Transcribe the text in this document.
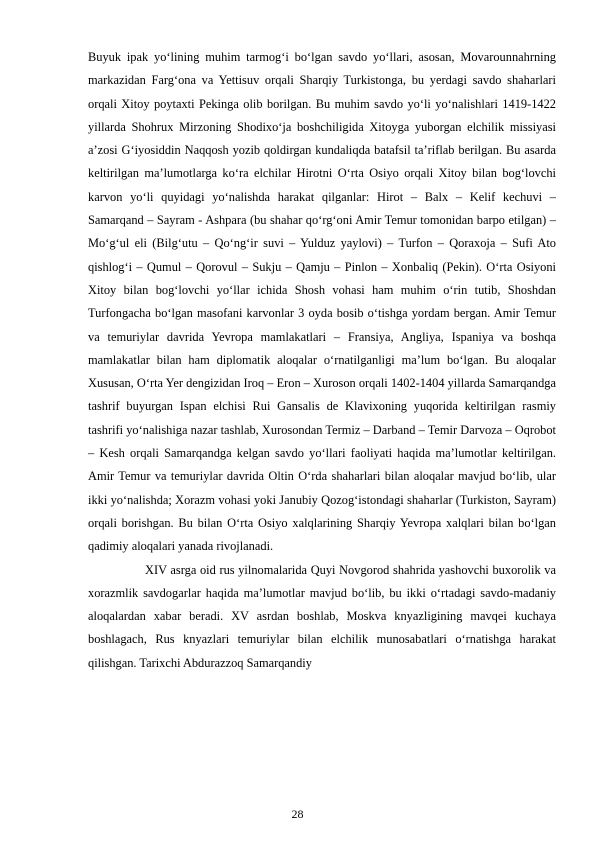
Buyuk ipak yo‘lining muhim tarmog‘i bo‘lgan savdo yo‘llari, asosan, Movarounnahrning markazidan Farg‘ona va Yettisuv orqali Sharqiy Turkistonga, bu yerdagi savdo shaharlari orqali Xitoy poytaxti Pekinga olib borilgan. Bu muhim savdo yo‘li yo‘nalishlari 1419-1422 yillarda Shohrux Mirzoning Shodixo‘ja boshchiligida Xitoyga yuborgan elchilik missiyasi a’zosi G‘iyosiddin Naqqosh yozib qoldirgan kundaliqda batafsil ta’riflab berilgan. Bu asarda keltirilgan ma’lumotlarga ko‘ra elchilar Hirotni O‘rta Osiyo orqali Xitoy bilan bog‘lovchi karvon yo‘li quyidagi yo‘nalishda harakat qilganlar: Hirot – Balx – Kelif kechuvi – Samarqand – Sayram - Ashpara (bu shahar qo‘rg‘oni Amir Temur tomonidan barpo etilgan) – Mo‘g‘ul eli (Bilg‘utu – Qo‘ng‘ir suvi – Yulduz yaylovi) – Turfon – Qoraxoja – Sufi Ato qishlog‘i – Qumul – Qorovul – Sukju – Qamju – Pinlon – Xonbaliq (Pekin). O‘rta Osiyoni Xitoy bilan bog‘lovchi yo‘llar ichida Shosh vohasi ham muhim o‘rin tutib, Shoshdan Turfongacha bo‘lgan masofani karvonlar 3 oyda bosib o‘tishga yordam bergan. Amir Temur va temuriylar davrida Yevropa mamlakatlari – Fransiya, Angliya, Ispaniya va boshqa mamlakatlar bilan ham diplomatik aloqalar o‘rnatilganligi ma’lum bo‘lgan. Bu aloqalar Xususan, O‘rta Yer dengizidan Iroq – Eron – Xuroson orqali 1402-1404 yillarda Samarqandga tashrif buyurgan Ispan elchisi Rui Gansalis de Klavixoning yuqorida keltirilgan rasmiy tashrifi yo‘nalishiga nazar tashlab, Xurosondan Termiz – Darband – Temir Darvoza – Oqrobot – Kesh orqali Samarqandga kelgan savdo yo‘llari faoliyati haqida ma’lumotlar keltirilgan. Amir Temur va temuriylar davrida Oltin O‘rda shaharlari bilan aloqalar mavjud bo‘lib, ular ikki yo‘nalishda; Xorazm vohasi yoki Janubiy Qozog‘istondagi shaharlar (Turkiston, Sayram) orqali borishgan. Bu bilan O‘rta Osiyo xalqlarining Sharqiy Yevropa xalqlari bilan bo‘lgan qadimiy aloqalari yanada rivojlanadi.

XIV asrga oid rus yilnomalarida Quyi Novgorod shahrida yashovchi buxorolik va xorazmlik savdogarlar haqida ma’lumotlar mavjud bo‘lib, bu ikki o‘rtadagi savdo-madaniy aloqalardan xabar beradi. XV asrdan boshlab, Moskva knyazligining mavqei kuchaya boshlagach, Rus knyazlari temuriylar bilan elchilik munosabatlari o‘rnatishga harakat qilishgan. Tarixchi Abdurazzoq Samarqandiy

28
